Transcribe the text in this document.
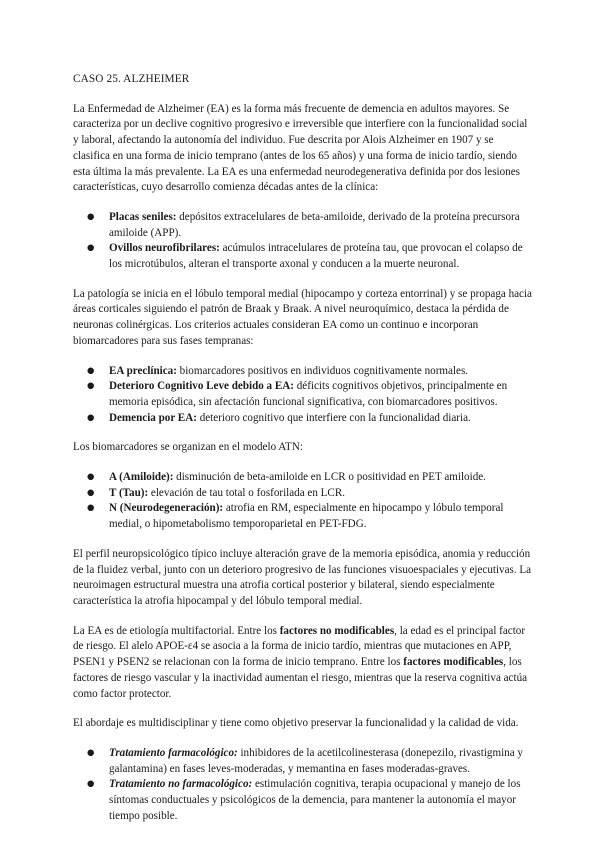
CASO 25. ALZHEIMER

La Enfermedad de Alzheimer (EA) es la forma más frecuente de demencia en adultos mayores. Se caracteriza por un declive cognitivo progresivo e irreversible que interfiere con la funcionalidad social y laboral, afectando la autonomía del individuo. Fue descrita por Alois Alzheimer en 1907 y se clasifica en una forma de inicio temprano (antes de los 65 años) y una forma de inicio tardío, siendo esta última la más prevalente. La EA es una enfermedad neurodegenerativa definida por dos lesiones características, cuyo desarrollo comienza décadas antes de la clínica:

● Placas seniles: depósitos extracelulares de beta-amiloide, derivado de la proteína precursora amiloide (APP).
● Ovillos neurofibrilares: acúmulos intracelulares de proteína tau, que provocan el colapso de los microtúbulos, alteran el transporte axonal y conducen a la muerte neuronal.

La patología se inicia en el lóbulo temporal medial (hipocampo y corteza entorrinal) y se propaga hacia áreas corticales siguiendo el patrón de Braak y Braak. A nivel neuroquímico, destaca la pérdida de neuronas colinérgicas. Los criterios actuales consideran EA como un continuo e incorporan biomarcadores para sus fases tempranas:

● EA preclínica: biomarcadores positivos en individuos cognitivamente normales.
● Deterioro Cognitivo Leve debido a EA: déficits cognitivos objetivos, principalmente en memoria episódica, sin afectación funcional significativa, con biomarcadores positivos.
● Demencia por EA: deterioro cognitivo que interfiere con la funcionalidad diaria.

Los biomarcadores se organizan en el modelo ATN:

● A (Amiloide): disminución de beta-amiloide en LCR o positividad en PET amiloide.
● T (Tau): elevación de tau total o fosforilada en LCR.
● N (Neurodegeneración): atrofia en RM, especialmente en hipocampo y lóbulo temporal medial, o hipometabolismo temporoparietal en PET-FDG.

El perfil neuropsicológico típico incluye alteración grave de la memoria episódica, anomia y reducción de la fluidez verbal, junto con un deterioro progresivo de las funciones visuoespaciales y ejecutivas. La neuroimagen estructural muestra una atrofia cortical posterior y bilateral, siendo especialmente característica la atrofia hipocampal y del lóbulo temporal medial.

La EA es de etiología multifactorial. Entre los factores no modificables, la edad es el principal factor de riesgo. El alelo APOE-ε4 se asocia a la forma de inicio tardío, mientras que mutaciones en APP, PSEN1 y PSEN2 se relacionan con la forma de inicio temprano. Entre los factores modificables, los factores de riesgo vascular y la inactividad aumentan el riesgo, mientras que la reserva cognitiva actúa como factor protector.

El abordaje es multidisciplinar y tiene como objetivo preservar la funcionalidad y la calidad de vida.

● Tratamiento farmacológico: inhibidores de la acetilcolinesterasa (donepezilo, rivastigmina y galantamina) en fases leves-moderadas, y memantina en fases moderadas-graves.
● Tratamiento no farmacológico: estimulación cognitiva, terapia ocupacional y manejo de los síntomas conductuales y psicológicos de la demencia, para mantener la autonomía el mayor tiempo posible.
